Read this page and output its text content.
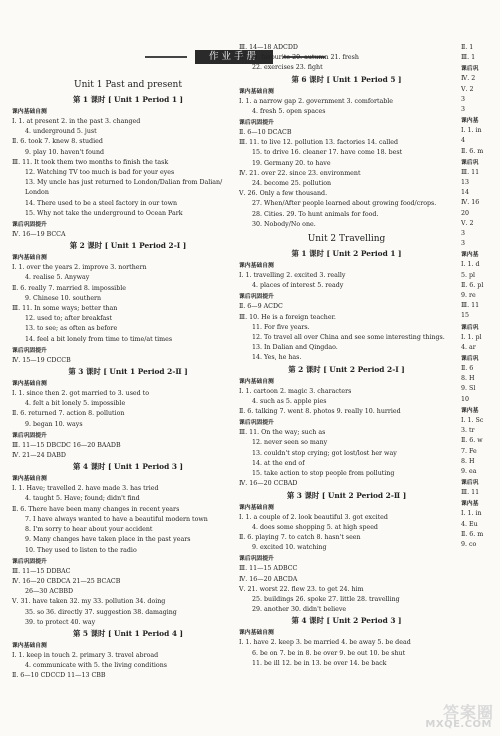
作业手册
Unit 1 Past and present
第 1 课时 [ Unit 1 Period 1 ]
课内基础自测
Ⅰ. 1. at present 2. in the past 3. changed
4. underground 5. just
Ⅱ. 6. took 7. knew 8. studied
9. play 10. haven't found
Ⅲ. 11. It took them two months to finish the task
12. Watching TV too much is bad for your eyes
13. My uncle has just returned to London/Dalian from Dalian/
London
14. There used to be a steel factory in our town
15. Why not take the underground to Ocean Park
课后巩固提升
Ⅳ. 16—19 BCCA
第 2 课时 [ Unit 1 Period 2-Ⅰ ]
课内基础自测
Ⅰ. 1. over the years 2. improve 3. northern
4. realise 5. Anyway
Ⅱ. 6. really 7. married 8. impossible
9. Chinese 10. southern
Ⅲ. 11. In some ways; better than
12. used to; after breakfast
13. to see; as often as before
14. feel a bit lonely from time to time/at times
课后巩固提升
Ⅳ. 15—19 CDCCB
第 3 课时 [ Unit 1 Period 2-Ⅱ ]
课内基础自测
Ⅰ. 1. since then 2. got married to 3. used to
4. felt a bit lonely 5. impossible
Ⅱ. 6. returned 7. action 8. pollution
9. began 10. ways
课后巩固提升
Ⅲ. 11—15 DBCDC 16—20 BAADB
Ⅳ. 21—24 DABD
第 4 课时 [ Unit 1 Period 3 ]
课内基础自测
Ⅰ. 1. Have; travelled 2. have made 3. has tried
4. taught 5. Have; found; didn't find
Ⅱ. 6. There have been many changes in recent years
7. I have always wanted to have a beautiful modern town
8. I'm sorry to hear about your accident
9. Many changes have taken place in the past years
10. They used to listen to the radio
课后巩固提升
Ⅲ. 11—15 DDBAC
Ⅳ. 16—20 CBDCA 21—25 BCACB
26—30 ACBBD
Ⅴ. 31. have taken 32. my 33. pollution 34. doing
35. so 36. directly 37. suggestion 38. damaging
39. to protect 40. way
第 5 课时 [ Unit 1 Period 4 ]
课内基础自测
Ⅰ. 1. keep in touch 2. primary 3. travel abroad
4. communicate with 5. the living conditions
Ⅱ. 6—10 CDCCD 11—13 CBB
Ⅲ. 14—18 ADCDD
Ⅳ. 19. favourite 20. autumn 21. fresh
22. exercises 23. fight
第 6 课时 [ Unit 1 Period 5 ]
课内基础自测
Ⅰ. 1. a narrow gap 2. government 3. comfortable
4. fresh 5. open spaces
课后巩固提升
Ⅱ. 6—10 DCACB
Ⅲ. 11. to live 12. pollution 13. factories 14. called
15. to drive 16. cleaner 17. have come 18. best
19. Germany 20. to have
Ⅳ. 21. over 22. since 23. environment
24. become 25. pollution
Ⅴ. 26. Only a few thousand.
27. When/After people learned about growing food/crops.
28. Cities. 29. To hunt animals for food.
30. Nobody/No one.
Unit 2 Travelling
第 1 课时 [ Unit 2 Period 1 ]
课内基础自测
Ⅰ. 1. travelling 2. excited 3. really
4. places of interest 5. ready
课后巩固提升
Ⅱ. 6—9 ACDC
Ⅲ. 10. He is a foreign teacher.
11. For five years.
12. To travel all over China and see some interesting things.
13. In Dalian and Qingdao.
14. Yes, he has.
第 2 课时 [ Unit 2 Period 2-Ⅰ ]
课内基础自测
Ⅰ. 1. cartoon 2. magic 3. characters
4. such as 5. apple pies
Ⅱ. 6. talking 7. went 8. photos 9. really 10. hurried
课后巩固提升
Ⅲ. 11. On the way; such as
12. never seen so many
13. couldn't stop crying; got lost/lost her way
14. at the end of
15. take action to stop people from polluting
Ⅳ. 16—20 CCBAD
第 3 课时 [ Unit 2 Period 2-Ⅱ ]
课内基础自测
Ⅰ. 1. a couple of 2. look beautiful 3. got excited
4. does some shopping 5. at high speed
Ⅱ. 6. playing 7. to catch 8. hasn't seen
9. excited 10. watching
课后巩固提升
Ⅲ. 11—15 ADBCC
Ⅳ. 16—20 ABCDA
Ⅴ. 21. worst 22. flew 23. to get 24. him
25. buildings 26. spoke 27. little 28. travelling
29. another 30. didn't believe
第 4 课时 [ Unit 2 Period 3 ]
课内基础自测
Ⅰ. 1. have 2. keep 3. be married 4. be away 5. be dead
6. be on 7. be in 8. be over 9. be out 10. be shut
11. be ill 12. be in 13. be over 14. be back
Ⅱ. 1
Ⅲ. 1
课后巩
Ⅳ. 2
Ⅴ. 2
3
3
课内基
Ⅰ. 1. in
4
Ⅱ. 6. m
课后巩
Ⅲ. 11
13
14
Ⅳ. 16
20
Ⅴ. 2
3
3
课内基
Ⅰ. 1. d
5. pl
Ⅱ. 6. pl
9. re
Ⅲ. 11
15
课后巩
Ⅰ. 1. pl
4. ar
课后巩
Ⅱ. 6
8. H
9. Sl
10
课内基
Ⅰ. 1. Sc
3. tr
Ⅱ. 6. w
7. Fe
8. H
9. ea
课后巩
Ⅲ. 11
课内基
Ⅰ. 1. in
4. Eu
Ⅱ. 6. m
9. co
答案圈
MXQE.COM
